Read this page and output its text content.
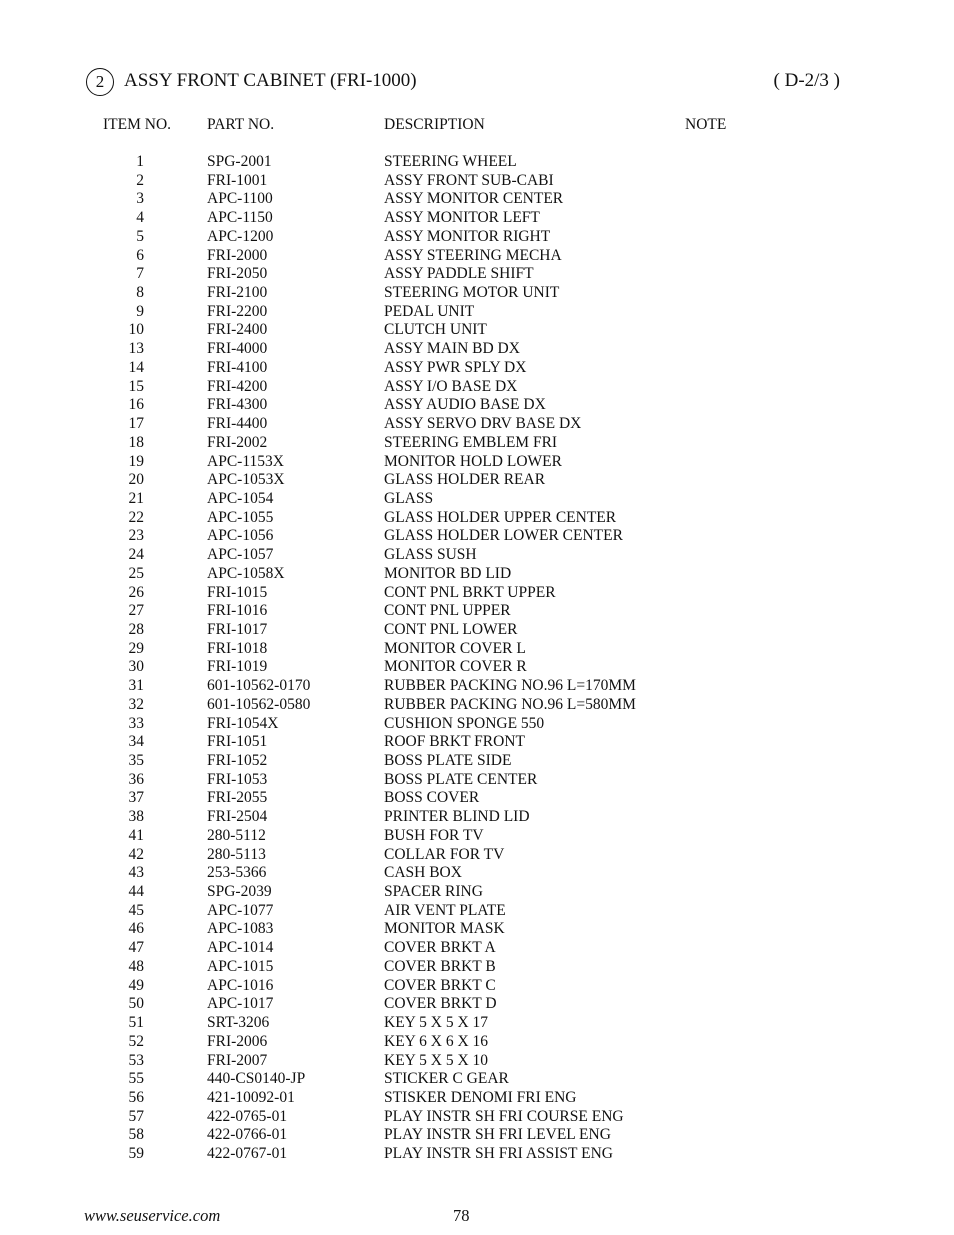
2	ASSY FRONT CABINET (FRI-1000)	( D-2/3 )
ITEM NO. PART NO.	DESCRIPTION	NOTE
1	SPG-2001	STEERING WHEEL
2	FRI-1001	ASSY FRONT SUB-CABI
3	APC-1100	ASSY MONITOR CENTER
4	APC-1150	ASSY MONITOR LEFT
5	APC-1200	ASSY MONITOR RIGHT
6	FRI-2000	ASSY STEERING MECHA
7	FRI-2050	ASSY PADDLE SHIFT
8	FRI-2100	STEERING MOTOR UNIT
9	FRI-2200	PEDAL UNIT
10	FRI-2400	CLUTCH UNIT
13	FRI-4000	ASSY MAIN BD DX
14	FRI-4100	ASSY PWR SPLY DX
15	FRI-4200	ASSY I/O BASE DX
16	FRI-4300	ASSY AUDIO BASE DX
17	FRI-4400	ASSY SERVO DRV BASE DX
18	FRI-2002	STEERING EMBLEM FRI
19	APC-1153X	MONITOR HOLD LOWER
20	APC-1053X	GLASS HOLDER REAR
21	APC-1054	GLASS
22	APC-1055	GLASS HOLDER UPPER CENTER
23	APC-1056	GLASS HOLDER LOWER CENTER
24	APC-1057	GLASS SUSH
25	APC-1058X	MONITOR BD LID
26	FRI-1015	CONT PNL BRKT UPPER
27	FRI-1016	CONT PNL UPPER
28	FRI-1017	CONT PNL LOWER
29	FRI-1018	MONITOR COVER L
30	FRI-1019	MONITOR COVER R
31	601-10562-0170	RUBBER PACKING NO.96 L=170MM
32	601-10562-0580	RUBBER PACKING NO.96 L=580MM
33	FRI-1054X	CUSHION SPONGE 550
34	FRI-1051	ROOF BRKT FRONT
35	FRI-1052	BOSS PLATE SIDE
36	FRI-1053	BOSS PLATE CENTER
37	FRI-2055	BOSS COVER
38	FRI-2504	PRINTER BLIND LID
41	280-5112	BUSH FOR TV
42	280-5113	COLLAR FOR TV
43	253-5366	CASH BOX
44	SPG-2039	SPACER RING
45	APC-1077	AIR VENT PLATE
46	APC-1083	MONITOR MASK
47	APC-1014	COVER BRKT A
48	APC-1015	COVER BRKT B
49	APC-1016	COVER BRKT C
50	APC-1017	COVER BRKT D
51	SRT-3206	KEY 5 X 5 X 17
52	FRI-2006	KEY 6 X 6 X 16
53	FRI-2007	KEY 5 X 5 X 10
55	440-CS0140-JP	STICKER C GEAR
56	421-10092-01	STISKER DENOMI FRI ENG
57	422-0765-01	PLAY INSTR SH FRI COURSE ENG
58	422-0766-01	PLAY INSTR SH FRI LEVEL ENG
59	422-0767-01	PLAY INSTR SH FRI ASSIST ENG
www.seuservice.com	78
